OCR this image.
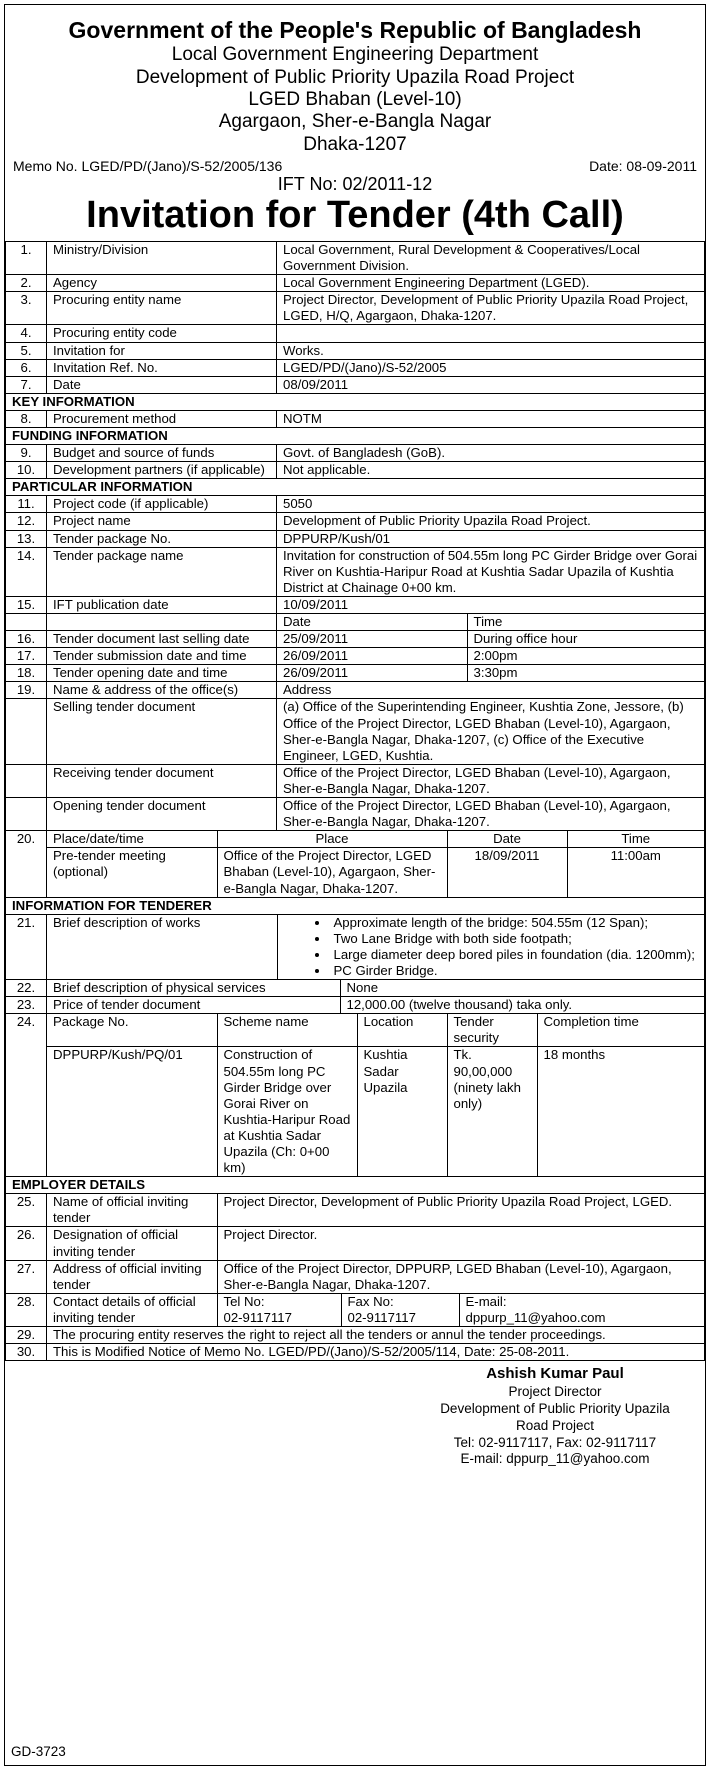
Government of the People's Republic of Bangladesh
Local Government Engineering Department
Development of Public Priority Upazila Road Project
LGED Bhaban (Level-10)
Agargaon, Sher-e-Bangla Nagar
Dhaka-1207
Memo No. LGED/PD/(Jano)/S-52/2005/136	Date: 08-09-2011
IFT No: 02/2011-12
Invitation for Tender (4th Call)
1.	Ministry/Division	Local Government, Rural Development & Cooperatives/Local Government Division.
2.	Agency	Local Government Engineering Department (LGED).
3.	Procuring entity name	Project Director, Development of Public Priority Upazila Road Project, LGED, H/Q, Agargaon, Dhaka-1207.
4.	Procuring entity code	
5.	Invitation for	Works.
6.	Invitation Ref. No.	LGED/PD/(Jano)/S-52/2005
7.	Date	08/09/2011
KEY INFORMATION
8.	Procurement method	NOTM
FUNDING INFORMATION
9.	Budget and source of funds	Govt. of Bangladesh (GoB).
10.	Development partners (if applicable)	Not applicable.
PARTICULAR INFORMATION
11.	Project code (if applicable)	5050
12.	Project name	Development of Public Priority Upazila Road Project.
13.	Tender package No.	DPPURP/Kush/01
14.	Tender package name	Invitation for construction of 504.55m long PC Girder Bridge over Gorai River on Kushtia-Haripur Road at Kushtia Sadar Upazila of Kushtia District at Chainage 0+00 km.
15.	IFT publication date	10/09/2011

Date	Time

16.	Tender document last selling date		25/09/2011	During office hour

17.	Tender submission date and time		26/09/2011	2:00pm

18.	Tender opening date and time		26/09/2011	3:30pm

19.	Name & address of the office(s)	Address
	Selling tender document	(a) Office of the Superintending Engineer, Kushtia Zone, Jessore, (b) Office of the Project Director, LGED Bhaban (Level-10), Agargaon, Sher-e-Bangla Nagar, Dhaka-1207, (c) Office of the Executive Engineer, LGED, Kushtia.
	Receiving tender document	Office of the Project Director, LGED Bhaban (Level-10), Agargaon, Sher-e-Bangla Nagar, Dhaka-1207.
	Opening tender document	Office of the Project Director, LGED Bhaban (Level-10), Agargaon, Sher-e-Bangla Nagar, Dhaka-1207.
20.	Place/date/time	Place	Date	Time
Pre-tender meeting (optional)	Office of the Project Director, LGED Bhaban (Level-10), Agargaon, Sher-e-Bangla Nagar, Dhaka-1207.	18/09/2011	11:00am

INFORMATION FOR TENDERER
21.	Brief description of works	
•Approximate length of the bridge: 504.55m (12 Span);
• Two Lane Bridge with both side footpath;
• Large diameter deep bored piles in foundation (dia. 1200mm);
• PC Girder Bridge.

22.	Brief description of physical services	None

23.	Price of tender document	12,000.00 (twelve thousand) taka only.

24.	Package No.	Scheme name	Location	Tender security	Completion time
DPPURP/Kush/PQ/01	Construction of 504.55m long PC Girder Bridge over Gorai River on Kushtia-Haripur Road at Kushtia Sadar Upazila (Ch: 0+00 km)	Kushtia Sadar Upazila	Tk. 90,00,000 (ninety lakh only)	18 months

EMPLOYER DETAILS
25.	Name of official inviting tender	Project Director, Development of Public Priority Upazila Road Project, LGED.

26.	Designation of official inviting tender	Project Director.

27.	Address of official inviting tender	Office of the Project Director, DPPURP, LGED Bhaban (Level-10), Agargaon, Sher-e-Bangla Nagar, Dhaka-1207.

28.	Contact details of official inviting tender	
Tel No:
02-9117117

Fax No:
02-9117117

E-mail:
dppurp_11@yahoo.com

29.	The procuring entity reserves the right to reject all the tenders or annul the tender proceedings.
30.	This is Modified Notice of Memo No. LGED/PD/(Jano)/S-52/2005/114, Date: 25-08-2011.
Ashish Kumar Paul
Project Director
Development of Public Priority Upazila
Road Project
Tel: 02-9117117, Fax: 02-9117117
E-mail: dppurp_11@yahoo.com
GD-3723
